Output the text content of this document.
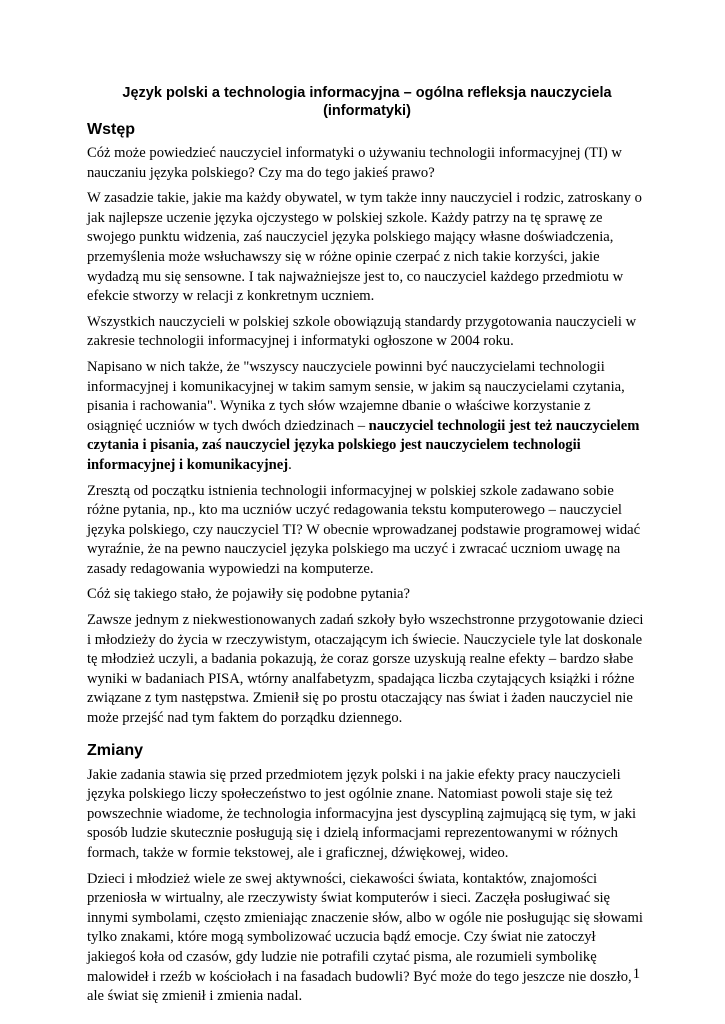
Język polski a technologia informacyjna – ogólna refleksja nauczyciela
(informatyki)
Wstęp

Cóż może powiedzieć nauczyciel informatyki o używaniu technologii informacyjnej (TI) w nauczaniu języka polskiego? Czy ma do tego jakieś prawo?

W zasadzie takie, jakie ma każdy obywatel, w tym także inny nauczyciel i rodzic, zatroskany o jak najlepsze uczenie języka ojczystego w polskiej szkole. Każdy patrzy na tę sprawę ze swojego punktu widzenia, zaś nauczyciel języka polskiego mający własne doświadczenia, przemyślenia może wsłuchawszy się w różne opinie czerpać z nich takie korzyści, jakie wydadzą mu się sensowne. I tak najważniejsze jest to, co nauczyciel każdego przedmiotu w efekcie stworzy w relacji z konkretnym uczniem.

Wszystkich nauczycieli w polskiej szkole obowiązują standardy przygotowania nauczycieli w zakresie technologii informacyjnej i informatyki ogłoszone w 2004 roku.

Napisano w nich także, że "wszyscy nauczyciele powinni być nauczycielami technologii informacyjnej i komunikacyjnej w takim samym sensie, w jakim są nauczycielami czytania, pisania i rachowania". Wynika z tych słów wzajemne dbanie o właściwe korzystanie z osiągnięć uczniów w tych dwóch dziedzinach – nauczyciel technologii jest też nauczycielem czytania i pisania, zaś nauczyciel języka polskiego jest nauczycielem technologii informacyjnej i komunikacyjnej.

Zresztą od początku istnienia technologii informacyjnej w polskiej szkole zadawano sobie różne pytania, np., kto ma uczniów uczyć redagowania tekstu komputerowego – nauczyciel języka polskiego, czy nauczyciel TI? W obecnie wprowadzanej podstawie programowej widać wyraźnie, że na pewno nauczyciel języka polskiego ma uczyć i zwracać uczniom uwagę na zasady redagowania wypowiedzi na komputerze.

Cóż się takiego stało, że pojawiły się podobne pytania?

Zawsze jednym z niekwestionowanych zadań szkoły było wszechstronne przygotowanie dzieci i młodzieży do życia w rzeczywistym, otaczającym ich świecie. Nauczyciele tyle lat doskonale tę młodzież uczyli, a badania pokazują, że coraz gorsze uzyskują realne efekty – bardzo słabe wyniki w badaniach PISA, wtórny analfabetyzm, spadająca liczba czytających książki i różne związane z tym następstwa. Zmienił się po prostu otaczający nas świat i żaden nauczyciel nie może przejść nad tym faktem do porządku dziennego.

Zmiany

Jakie zadania stawia się przed przedmiotem język polski i na jakie efekty pracy nauczycieli języka polskiego liczy społeczeństwo to jest ogólnie znane. Natomiast powoli staje się też powszechnie wiadome, że technologia informacyjna jest dyscypliną zajmującą się tym, w jaki sposób ludzie skutecznie posługują się i dzielą informacjami reprezentowanymi w różnych formach, także w formie tekstowej, ale i graficznej, dźwiękowej, wideo.

Dzieci i młodzież wiele ze swej aktywności, ciekawości świata, kontaktów, znajomości przeniosła w wirtualny, ale rzeczywisty świat komputerów i sieci. Zaczęła posługiwać się innymi symbolami, często zmieniając znaczenie słów, albo w ogóle nie posługując się słowami tylko znakami, które mogą symbolizować uczucia bądź emocje. Czy świat nie zatoczył jakiegoś koła od czasów, gdy ludzie nie potrafili czytać pisma, ale rozumieli symbolikę malowideł i rzeźb w kościołach i na fasadach budowli? Być może do tego jeszcze nie doszło, ale świat się zmienił i zmienia nadal.

1
